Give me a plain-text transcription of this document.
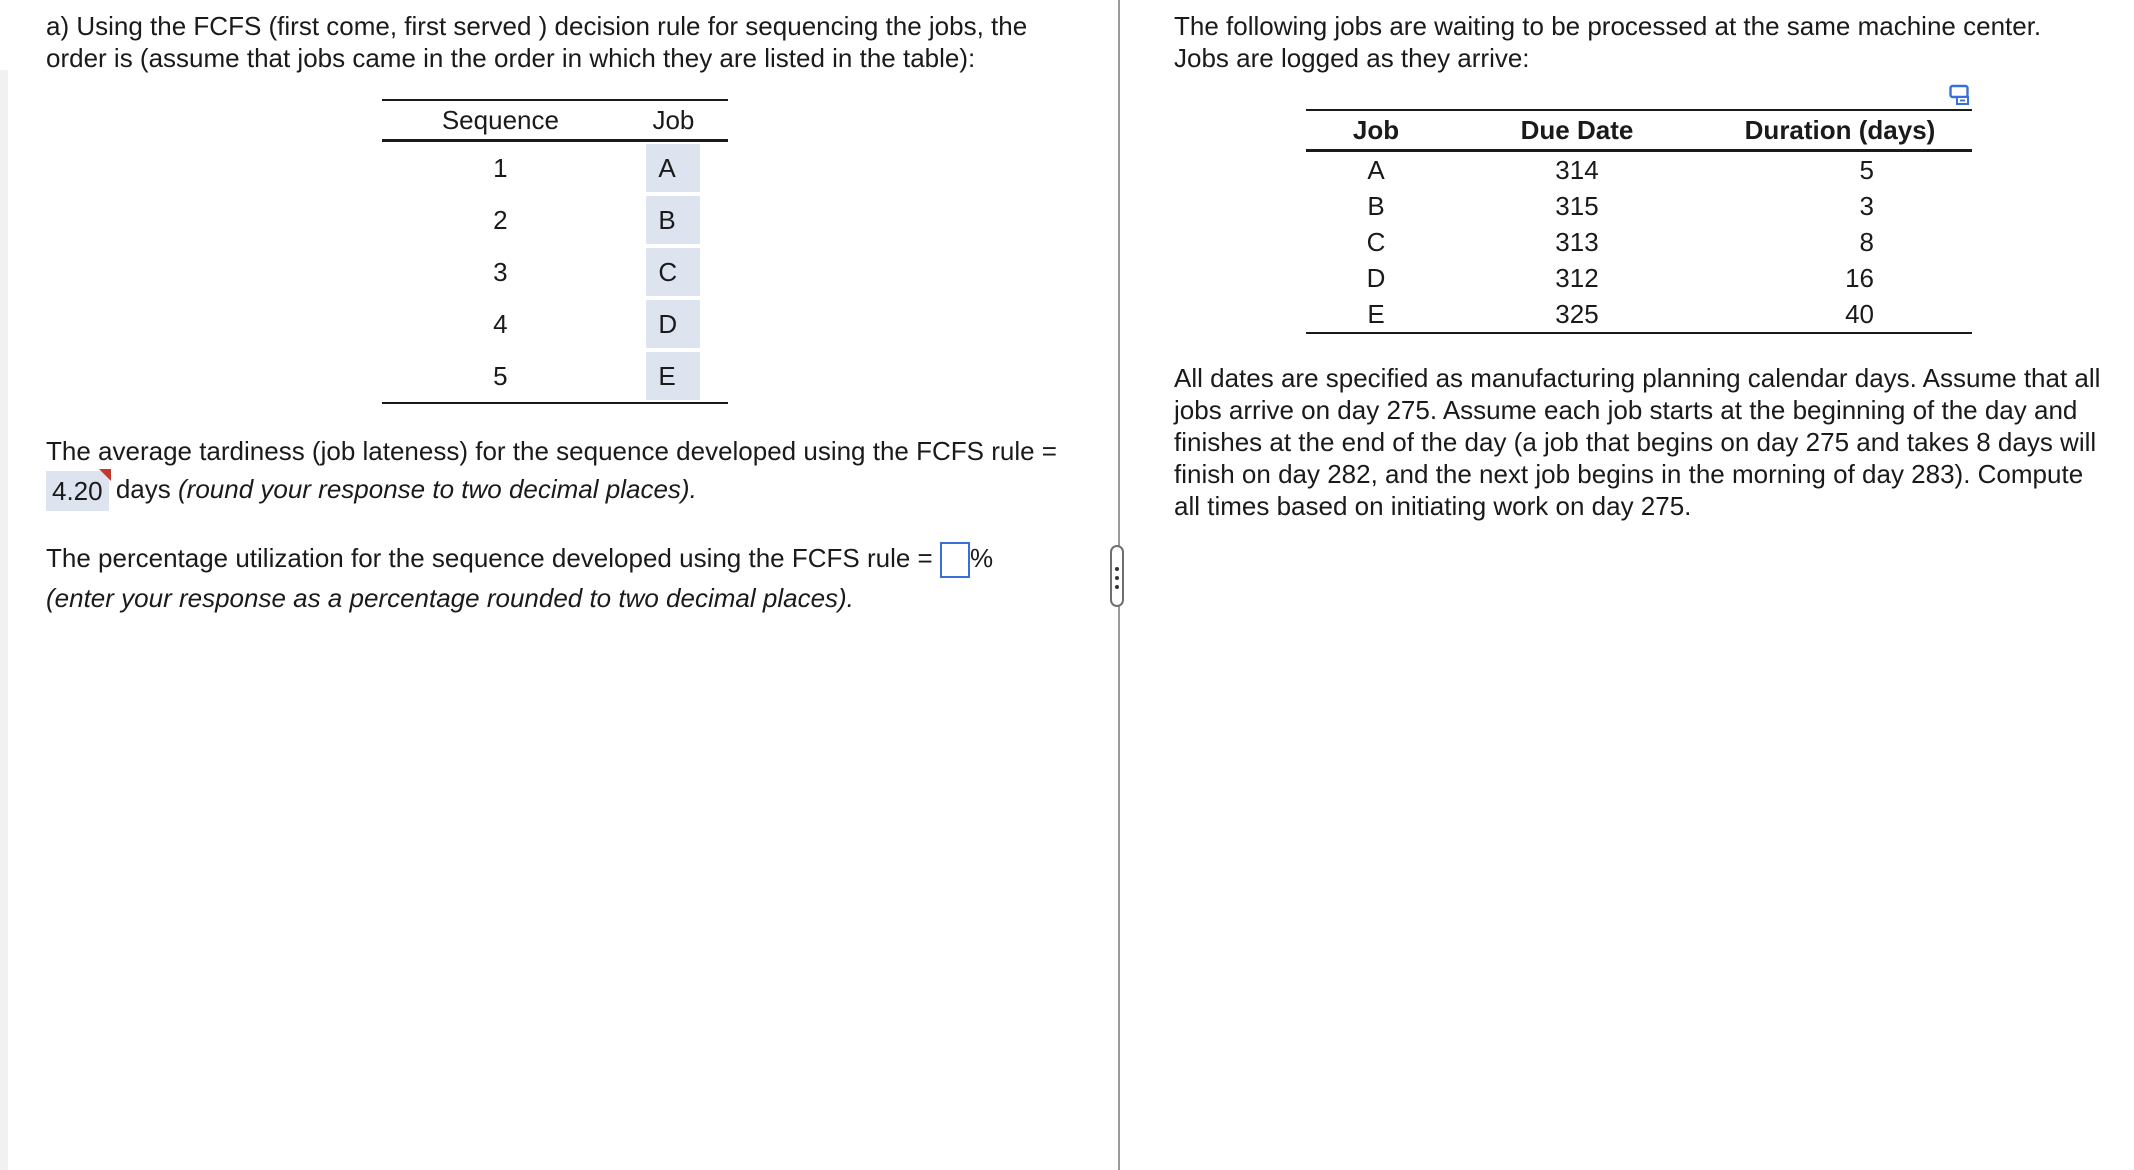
a) Using the FCFS (first come, first served ) decision rule for sequencing the jobs, the
order is (assume that jobs came in the order in which they are listed in the table):

Sequence	Job
1	A
2	B
3	C
4	D
5	E

The average tardiness (job lateness) for the sequence developed using the FCFS rule =
4.20 days (round your response to two decimal places).

The percentage utilization for the sequence developed using the FCFS rule = %
(enter your response as a percentage rounded to two decimal places).

The following jobs are waiting to be processed at the same machine center.
Jobs are logged as they arrive:

Job	Due Date	Duration (days)
A	314	5
B	315	3
C	313	8
D	312	16
E	325	40

All dates are specified as manufacturing planning calendar days. Assume that all
jobs arrive on day 275. Assume each job starts at the beginning of the day and
finishes at the end of the day (a job that begins on day 275 and takes 8 days will
finish on day 282, and the next job begins in the morning of day 283). Compute
all times based on initiating work on day 275.
